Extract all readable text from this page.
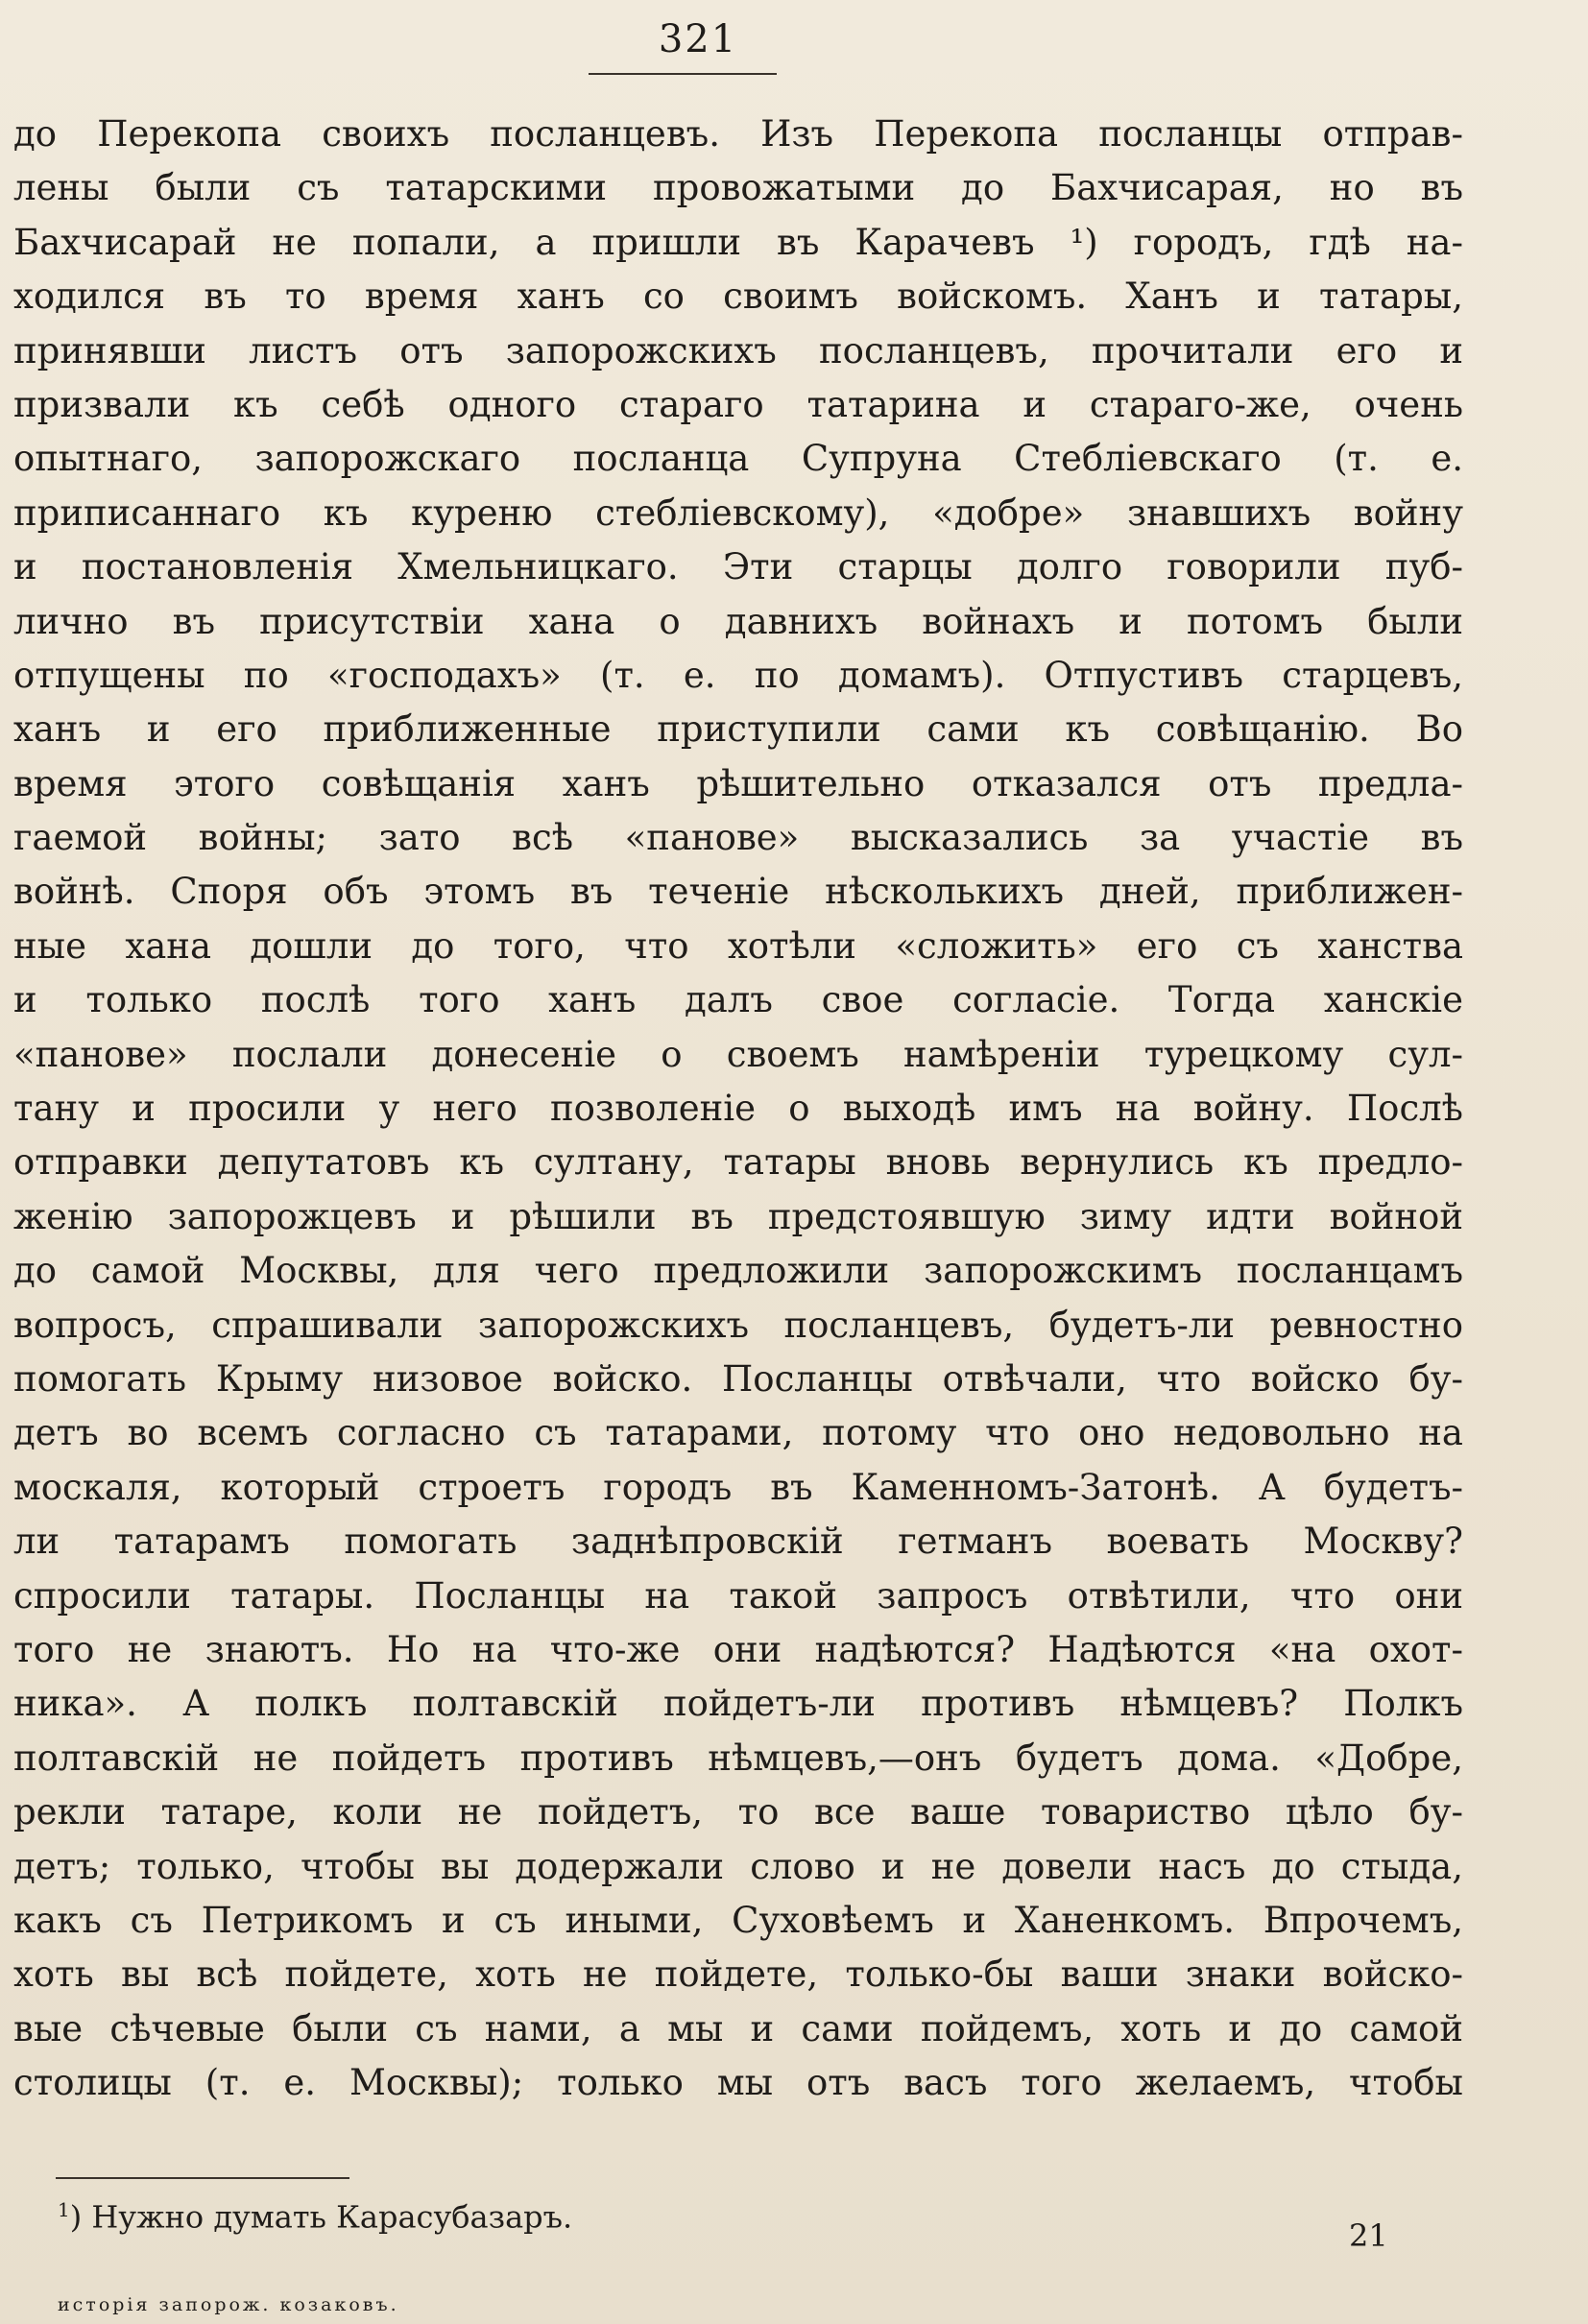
321
до Перекопа своихъ посланцевъ. Изъ Перекопа посланцы отправ-
лены были съ татарскими провожатыми до Бахчисарая, но въ
Бахчисарай не попали, а пришли въ Карачевъ ¹) городъ, гдѣ на-
ходился въ то время ханъ со своимъ войскомъ. Ханъ и татары,
принявши листъ отъ запорожскихъ посланцевъ, прочитали его и
призвали къ себѣ одного стараго татарина и стараго-же, очень
опытнаго, запорожскаго посланца Супруна Стебліевскаго (т. е.
приписаннаго къ куреню стебліевскому), «добре» знавшихъ войну
и постановленія Хмельницкаго. Эти старцы долго говорили пуб-
лично въ присутствіи хана о давнихъ войнахъ и потомъ были
отпущены по «господахъ» (т. е. по домамъ). Отпустивъ старцевъ,
ханъ и его приближенные приступили сами къ совѣщанію. Во
время этого совѣщанія ханъ рѣшительно отказался отъ предла-
гаемой войны; зато всѣ «панове» высказались за участіе въ
войнѣ. Споря объ этомъ въ теченіе нѣсколькихъ дней, приближен-
ные хана дошли до того, что хотѣли «сложить» его съ ханства
и только послѣ того ханъ далъ свое согласіе. Тогда ханскіе
«панове» послали донесеніе о своемъ намѣреніи турецкому сул-
тану и просили у него позволеніе о выходѣ имъ на войну. Послѣ
отправки депутатовъ къ султану, татары вновь вернулись къ предло-
женію запорожцевъ и рѣшили въ предстоявшую зиму идти войной
до самой Москвы, для чего предложили запорожскимъ посланцамъ
вопросъ, спрашивали запорожскихъ посланцевъ, будетъ-ли ревностно
помогать Крыму низовое войско. Посланцы отвѣчали, что войско бу-
детъ во всемъ согласно съ татарами, потому что оно недовольно на
москаля, который строетъ городъ въ Каменномъ-Затонѣ. А будетъ-
ли татарамъ помогать заднѣпровскій гетманъ воевать Москву?
спросили татары. Посланцы на такой запросъ отвѣтили, что они
того не знаютъ. Но на что-же они надѣются? Надѣются «на охот-
ника». А полкъ полтавскій пойдетъ-ли противъ нѣмцевъ? Полкъ
полтавскій не пойдетъ противъ нѣмцевъ,—онъ будетъ дома. «Добре,
рекли татаре, коли не пойдетъ, то все ваше товариство цѣло бу-
детъ; только, чтобы вы додержали слово и не довели насъ до стыда,
какъ съ Петрикомъ и съ иными, Суховѣемъ и Ханенкомъ. Впрочемъ,
хоть вы всѣ пойдете, хоть не пойдете, только-бы ваши знаки войско-
вые сѣчевые были съ нами, а мы и сами пойдемъ, хоть и до самой
столицы (т. е. Москвы); только мы отъ васъ того желаемъ, чтобы
$^1$) Нужно думать Карасубазаръ.
21
исторія запорож. козаковъ.
